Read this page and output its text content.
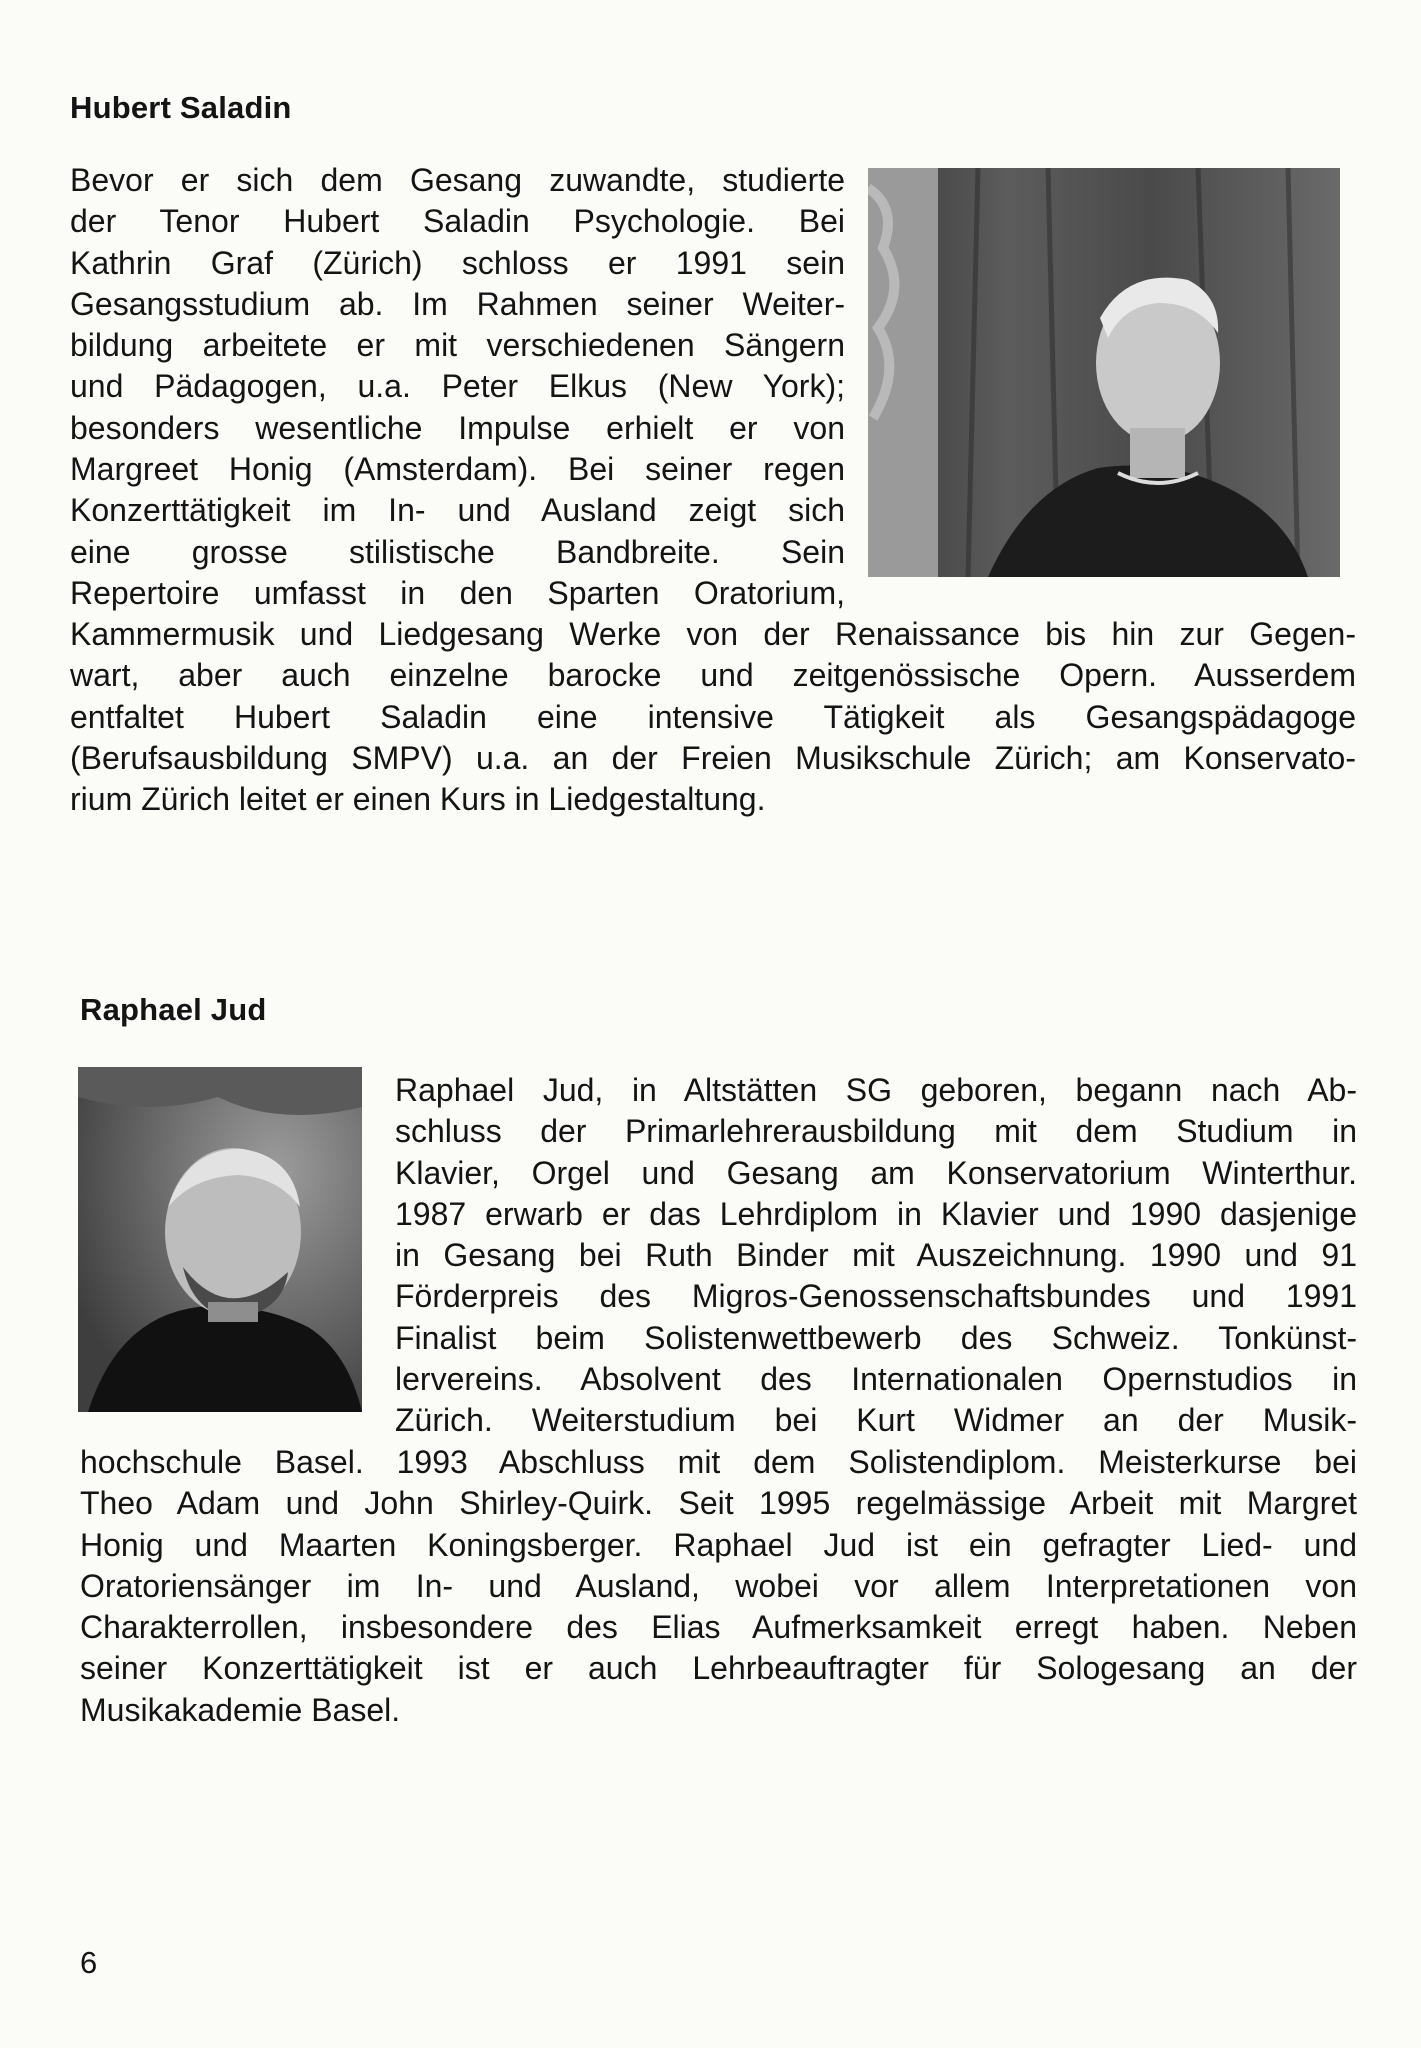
Hubert Saladin
Bevor er sich dem Gesang zuwandte, studierte
der Tenor Hubert Saladin Psychologie. Bei
Kathrin Graf (Zürich) schloss er 1991 sein
Gesangsstudium ab. Im Rahmen seiner Weiter-
bildung arbeitete er mit verschiedenen Sängern
und Pädagogen, u.a. Peter Elkus (New York);
besonders wesentliche Impulse erhielt er von
Margreet Honig (Amsterdam). Bei seiner regen
Konzerttätigkeit im In- und Ausland zeigt sich
eine grosse stilistische Bandbreite. Sein
Repertoire umfasst in den Sparten Oratorium,
Kammermusik und Liedgesang Werke von der Renaissance bis hin zur Gegen-
wart, aber auch einzelne barocke und zeitgenössische Opern. Ausserdem
entfaltet Hubert Saladin eine intensive Tätigkeit als Gesangspädagoge
(Berufsausbildung SMPV) u.a. an der Freien Musikschule Zürich; am Konservato-
rium Zürich leitet er einen Kurs in Liedgestaltung.
Raphael Jud
Raphael Jud, in Altstätten SG geboren, begann nach Ab-
schluss der Primarlehrerausbildung mit dem Studium in
Klavier, Orgel und Gesang am Konservatorium Winterthur.
1987 erwarb er das Lehrdiplom in Klavier und 1990 dasjenige
in Gesang bei Ruth Binder mit Auszeichnung. 1990 und 91
Förderpreis des Migros-Genossenschaftsbundes und 1991
Finalist beim Solistenwettbewerb des Schweiz. Tonkünst-
lervereins. Absolvent des Internationalen Opernstudios in
Zürich. Weiterstudium bei Kurt Widmer an der Musik-
hochschule Basel. 1993 Abschluss mit dem Solistendiplom. Meisterkurse bei
Theo Adam und John Shirley-Quirk. Seit 1995 regelmässige Arbeit mit Margret
Honig und Maarten Koningsberger. Raphael Jud ist ein gefragter Lied- und
Oratoriensänger im In- und Ausland, wobei vor allem Interpretationen von
Charakterrollen, insbesondere des Elias Aufmerksamkeit erregt haben. Neben
seiner Konzerttätigkeit ist er auch Lehrbeauftragter für Sologesang an der
Musikakademie Basel.

6
